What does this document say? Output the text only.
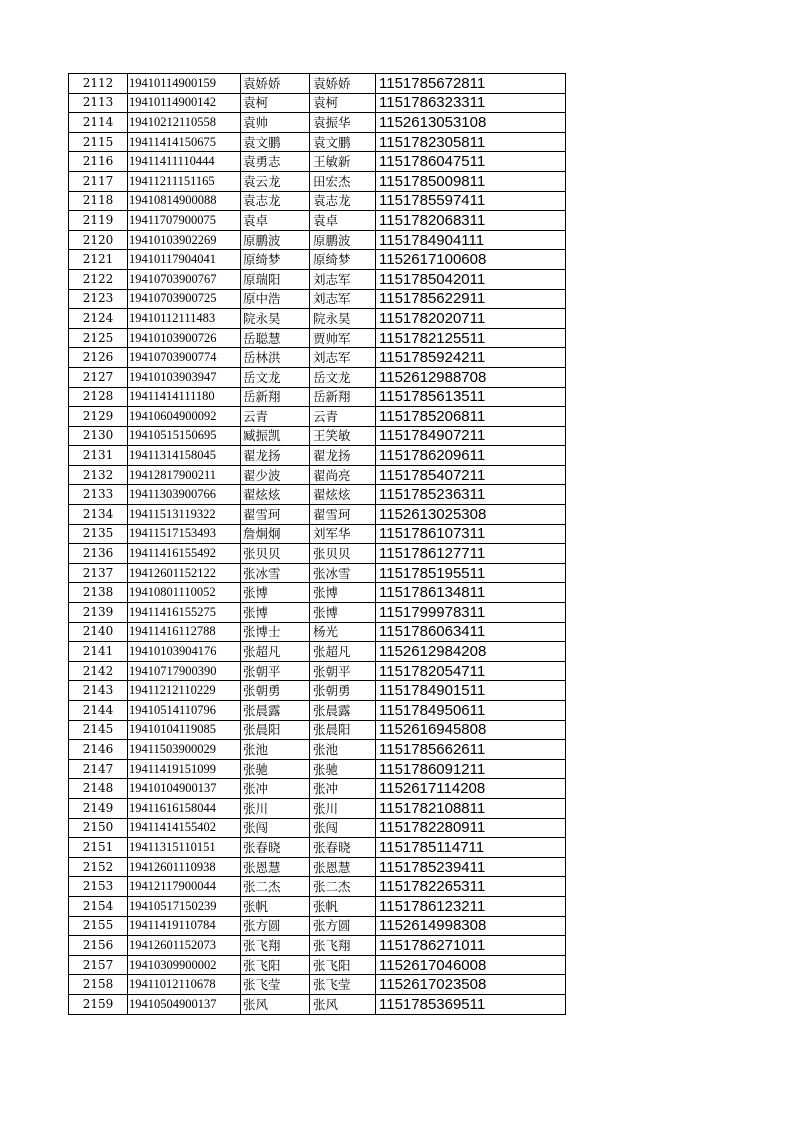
2112	19410114900159	袁娇娇	袁娇娇	1151785672811
2113	19410114900142	袁柯	袁柯	1151786323311
2114	19410212110558	袁帅	袁振华	1152613053108
2115	19411414150675	袁文鹏	袁文鹏	1151782305811
2116	19411411110444	袁勇志	王敏新	1151786047511
2117	19411211151165	袁云龙	田宏杰	1151785009811
2118	19410814900088	袁志龙	袁志龙	1151785597411
2119	19411707900075	袁卓	袁卓	1151782068311
2120	19410103902269	原鹏波	原鹏波	1151784904111
2121	19410117904041	原绮梦	原绮梦	1152617100608
2122	19410703900767	原瑞阳	刘志军	1151785042011
2123	19410703900725	原中浩	刘志军	1151785622911
2124	19410112111483	院永昊	院永昊	1151782020711
2125	19410103900726	岳聪慧	贾帅军	1151782125511
2126	19410703900774	岳林洪	刘志军	1151785924211
2127	19410103903947	岳文龙	岳文龙	1152612988708
2128	19411414111180	岳新翔	岳新翔	1151785613511
2129	19410604900092	云青	云青	1151785206811
2130	19410515150695	臧振凯	王笑敏	1151784907211
2131	19411314158045	翟龙扬	翟龙扬	1151786209611
2132	19412817900211	翟少波	翟尚亮	1151785407211
2133	19411303900766	翟炫炫	翟炫炫	1151785236311
2134	19411513119322	翟雪珂	翟雪珂	1152613025308
2135	19411517153493	詹炯炯	刘军华	1151786107311
2136	19411416155492	张贝贝	张贝贝	1151786127711
2137	19412601152122	张冰雪	张冰雪	1151785195511
2138	19410801110052	张博	张博	1151786134811
2139	19411416155275	张博	张博	1151799978311
2140	19411416112788	张博士	杨光	1151786063411
2141	19410103904176	张超凡	张超凡	1152612984208
2142	19410717900390	张朝平	张朝平	1151782054711
2143	19411212110229	张朝勇	张朝勇	1151784901511
2144	19410514110796	张晨露	张晨露	1151784950611
2145	19410104119085	张晨阳	张晨阳	1152616945808
2146	19411503900029	张池	张池	1151785662611
2147	19411419151099	张驰	张驰	1151786091211
2148	19410104900137	张冲	张冲	1152617114208
2149	19411616158044	张川	张川	1151782108811
2150	19411414155402	张闯	张闯	1151782280911
2151	19411315110151	张春晓	张春晓	1151785114711
2152	19412601110938	张恩慧	张恩慧	1151785239411
2153	19412117900044	张二杰	张二杰	1151782265311
2154	19410517150239	张帆	张帆	1151786123211
2155	19411419110784	张方圆	张方圆	1152614998308
2156	19412601152073	张飞翔	张飞翔	1151786271011
2157	19410309900002	张飞阳	张飞阳	1152617046008
2158	19411012110678	张飞莹	张飞莹	1152617023508
2159	19410504900137	张风	张风	1151785369511
